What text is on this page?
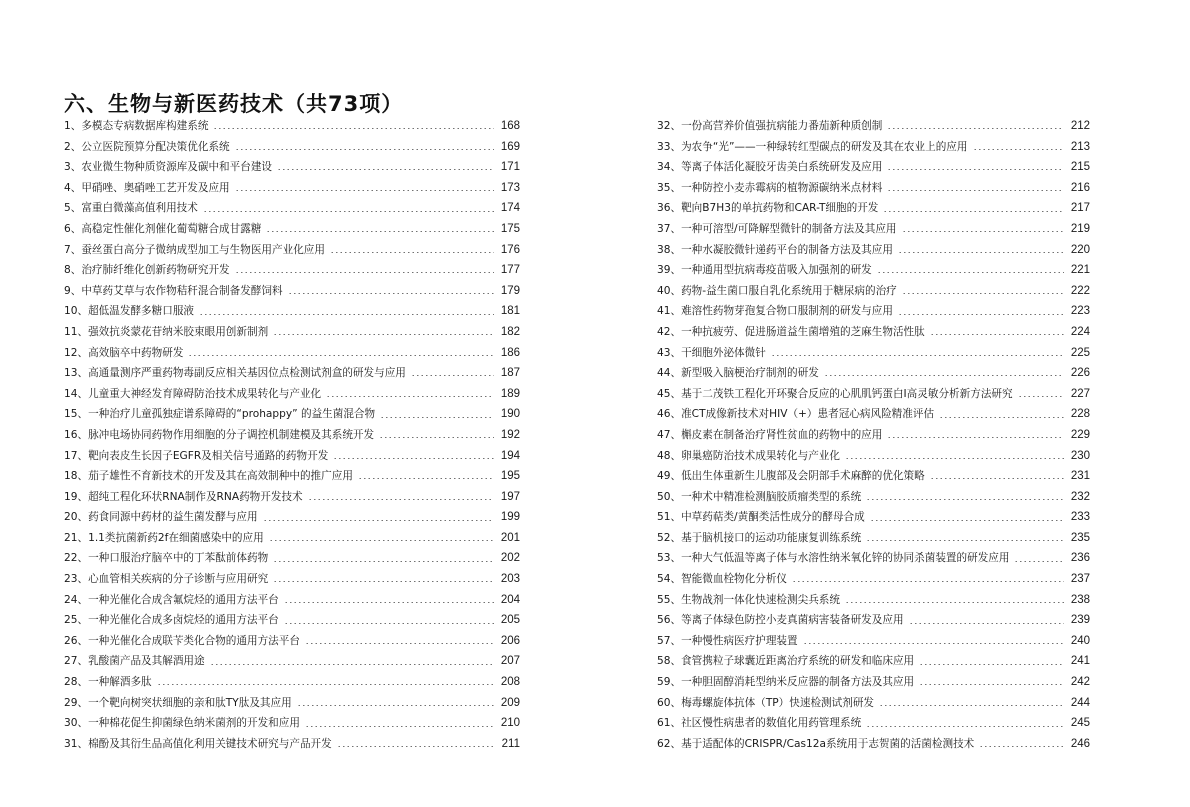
六、生物与新医药技术（共73项）
1、 多模态专病数据库构建系统	168
2、 公立医院预算分配决策优化系统	169
3、 农业微生物种质资源库及碳中和平台建设	171
4、 甲硝唑、奥硝唑工艺开发及应用	173
5、 富重白微藻高值利用技术	174
6、 高稳定性催化剂催化葡萄糖合成甘露糖	175
7、 蚕丝蛋白高分子微纳成型加工与生物医用产业化应用	176
8、 治疗肺纤维化创新药物研究开发	177
9、 中草药艾草与农作物秸秆混合制备发酵饲料	179
10、 超低温发酵多糖口服液	181
11、 强效抗炎蒙花苷纳米胶束眼用创新制剂	182
12、 高效脑卒中药物研发	186
13、 高通量测序严重药物毒副反应相关基因位点检测试剂盒的研发与应用	187
14、 儿童重大神经发育障碍防治技术成果转化与产业化	189
15、 一种治疗儿童孤独症谱系障碍的“prohappy” 的益生菌混合物	190
16、 脉冲电场协同药物作用细胞的分子调控机制建模及其系统开发	192
17、 靶向表皮生长因子EGFR及相关信号通路的药物开发	194
18、 茄子雄性不育新技术的开发及其在高效制种中的推广应用	195
19、 超纯工程化环状RNA制作及RNA药物开发技术	197
20、 药食同源中药材的益生菌发酵与应用	199
21、 1.1类抗菌新药2f在细菌感染中的应用	201
22、 一种口服治疗脑卒中的丁苯酞前体药物	202
23、 心血管相关疾病的分子诊断与应用研究	203
24、 一种光催化合成含氟烷烃的通用方法平台	204
25、 一种光催化合成多卤烷烃的通用方法平台	205
26、 一种光催化合成联苄类化合物的通用方法平台	206
27、 乳酸菌产品及其解酒用途	207
28、 一种解酒多肽	208
29、 一个靶向树突状细胞的亲和肽TY肽及其应用	209
30、 一种棉花促生抑菌绿色纳米菌剂的开发和应用	210
31、 棉酚及其衍生品高值化利用关键技术研究与产品开发	211
32、 一份高营养价值强抗病能力番茄新种质创制	212
33、 为农争“光”——一种绿转红型碳点的研发及其在农业上的应用	213
34、 等离子体活化凝胶牙齿美白系统研发及应用	215
35、 一种防控小麦赤霉病的植物源碳纳米点材料	216
36、 靶向B7H3的单抗药物和CAR-T细胞的开发	217
37、 一种可溶型/可降解型微针的制备方法及其应用	219
38、 一种水凝胶微针递药平台的制备方法及其应用	220
39、 一种通用型抗病毒疫苗吸入加强剂的研发	221
40、 药物-益生菌口服自乳化系统用于糖尿病的治疗	222
41、 难溶性药物芽孢复合物口服制剂的研发与应用	223
42、 一种抗疲劳、促进肠道益生菌增殖的芝麻生物活性肽	224
43、 干细胞外泌体微针	225
44、 新型吸入脑梗治疗制剂的研发	226
45、 基于二茂铁工程化开环聚合反应的心肌肌钙蛋白I高灵敏分析新方法研究	227
46、 准CT成像新技术对HIV（+）患者冠心病风险精准评估	228
47、 槲皮素在制备治疗肾性贫血的药物中的应用	229
48、 卵巢癌防治技术成果转化与产业化	230
49、 低出生体重新生儿腹部及会阴部手术麻醉的优化策略	231
50、 一种术中精准检测脑胶质瘤类型的系统	232
51、 中草药萜类/黄酮类活性成分的酵母合成	233
52、 基于脑机接口的运动功能康复训练系统	235
53、 一种大气低温等离子体与水溶性纳米氧化锌的协同杀菌装置的研发应用	236
54、 智能微血栓物化分析仪	237
55、 生物战剂一体化快速检测尖兵系统	238
56、 等离子体绿色防控小麦真菌病害装备研发及应用	239
57、 一种慢性病医疗护理装置	240
58、 食管携粒子球囊近距离治疗系统的研发和临床应用	241
59、 一种胆固醇消耗型纳米反应器的制备方法及其应用	242
60、 梅毒螺旋体抗体（TP）快速检测试剂研发	244
61、 社区慢性病患者的数值化用药管理系统	245
62、 基于适配体的CRISPR/Cas12a系统用于志贺菌的活菌检测技术	246
